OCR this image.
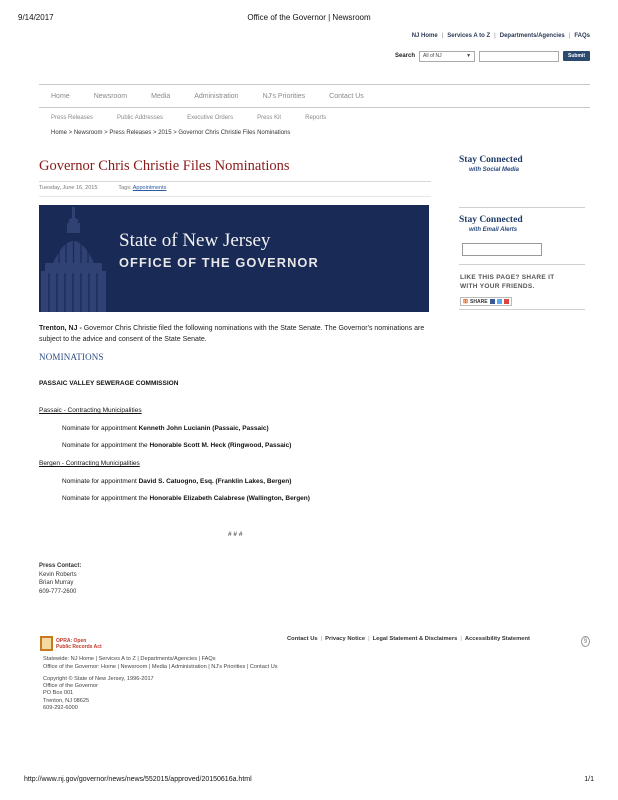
9/14/2017	Office of the Governor | Newsroom
NJ Home | Services A to Z | Departments/Agencies | FAQs
Search	All of NJ	▼	Submit
Home	Newsroom	Media	Administration	NJ's Priorities	Contact Us
Press Releases	Public Addresses	Executive Orders	Press Kit	Reports
Home > Newsroom > Press Releases > 2015 > Governor Chris Christie Files Nominations
Governor Chris Christie Files Nominations
Tuesday, June 16, 2015	Tags: Appointments
State of New Jersey
OFFICE OF THE GOVERNOR

Trenton, NJ - Governor Chris Christie filed the following nominations with the State Senate. The Governor's nominations are subject to the advice and consent of the State Senate.

NOMINATIONS
PASSAIC VALLEY SEWERAGE COMMISSION
Passaic - Contracting Municipalities
Nominate for appointment Kenneth John Lucianin (Passaic, Passaic)
Nominate for appointment the Honorable Scott M. Heck (Ringwood, Passaic)
Bergen - Contracting Municipalities
Nominate for appointment David S. Catuogno, Esq. (Franklin Lakes, Bergen)
Nominate for appointment the Honorable Elizabeth Calabrese (Wallington, Bergen)
# # #
Press Contact:
Kevin Roberts
Brian Murray
609-777-2600
Stay Connected
with Social Media
Stay Connected
with Email Alerts
LIKE THIS PAGE? SHARE IT
WITH YOUR FRIENDS.
⊞ SHARE
OPRA: Open
Public Records Act
Contact Us | Privacy Notice | Legal Statement & Disclaimers | Accessibility Statement	§
Statewide: NJ Home | Services A to Z | Departments/Agencies | FAQs
Office of the Governor: Home | Newsroom | Media | Administration | NJ's Priorities | Contact Us
Copyright © State of New Jersey, 1996-2017
Office of the Governor
PO Box 001
Trenton, NJ 08625
609-292-6000
http://www.nj.gov/governor/news/news/552015/approved/20150616a.html	1/1
